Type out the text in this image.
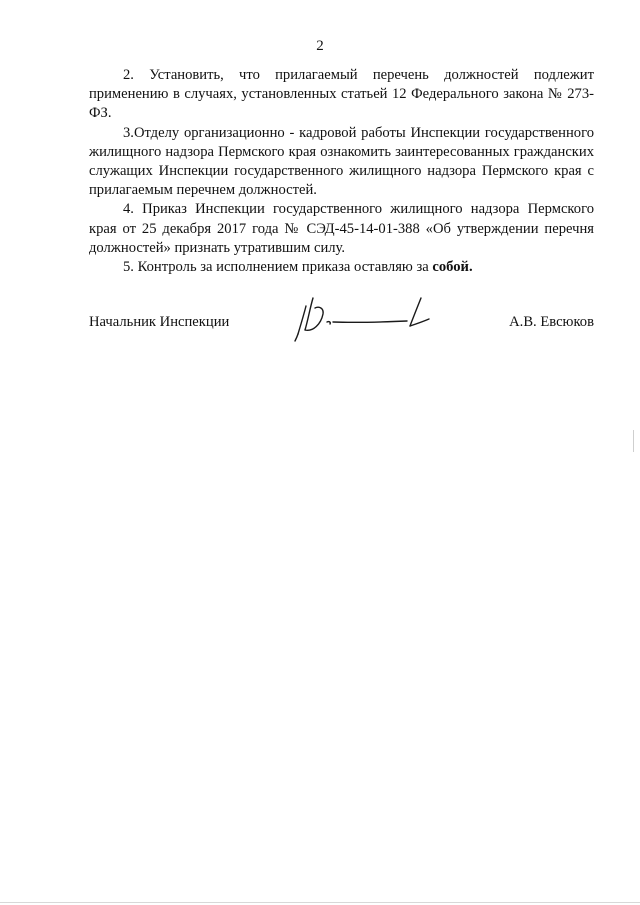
2

2. Установить, что прилагаемый перечень должностей подлежит применению в случаях, установленных статьей 12 Федерального закона № 273-ФЗ.

3.Отделу организационно - кадровой работы Инспекции государственного жилищного надзора Пермского края ознакомить заинтересованных гражданских служащих Инспекции государственного жилищного надзора Пермского края с прилагаемым перечнем должностей.

4. Приказ Инспекции государственного жилищного надзора Пермского края от 25 декабря 2017 года № СЭД-45-14-01-388 «Об утверждении перечня должностей» признать утратившим силу.

5. Контроль за исполнением приказа оставляю за собой.

Начальник Инспекции	А.В. Евсюков
